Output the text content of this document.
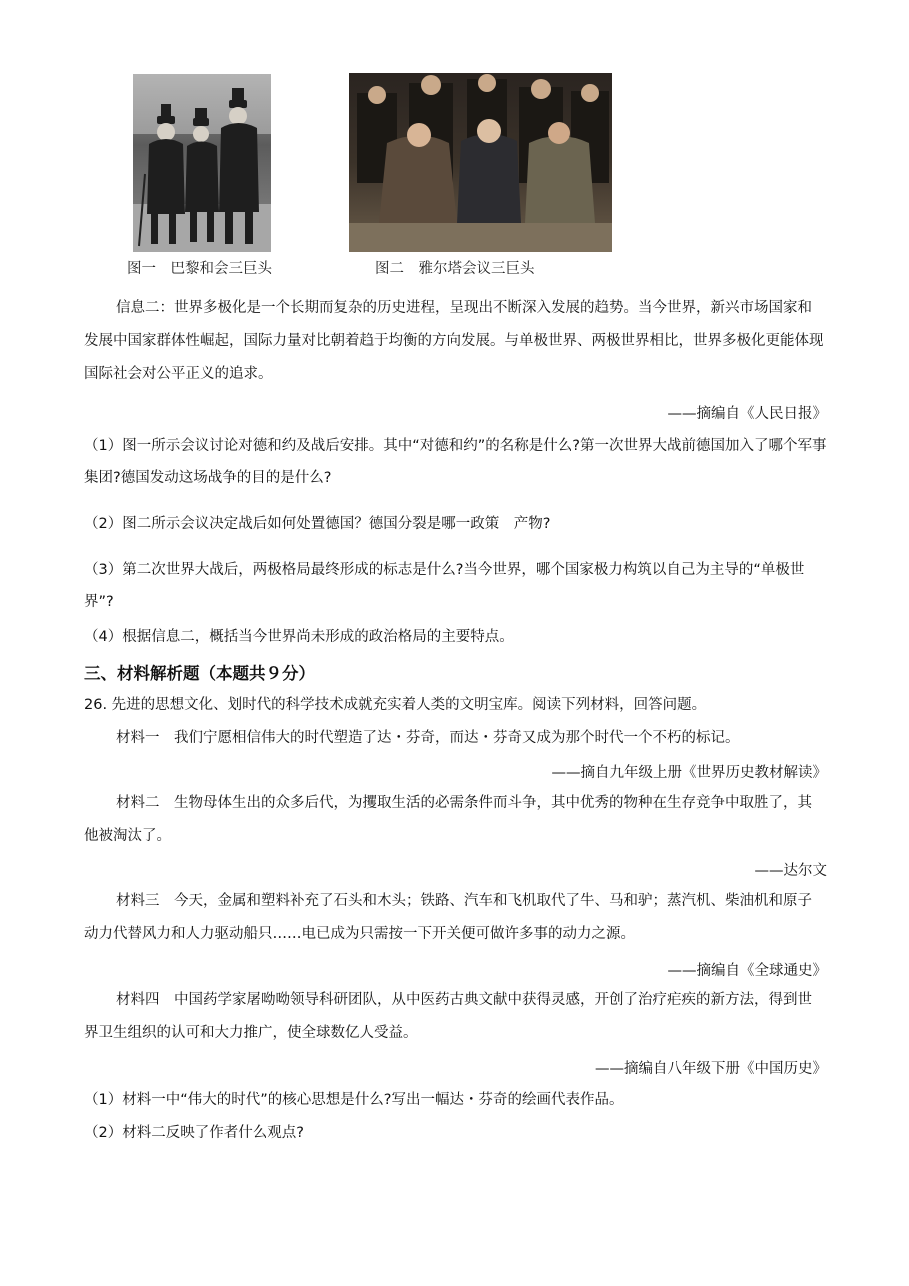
图一　巴黎和会三巨头	图二　雅尔塔会议三巨头
信息二：世界多极化是一个长期而复杂的历史进程，呈现出不断深入发展的趋势。当今世界，新兴市场国家和发展中国家群体性崛起，国际力量对比朝着趋于均衡的方向发展。与单极世界、两极世界相比，世界多极化更能体现国际社会对公平正义的追求。
——摘编自《人民日报》
（1）图一所示会议讨论对德和约及战后安排。其中“对德和约”的名称是什么?第一次世界大战前德国加入了哪个军事集团?德国发动这场战争的目的是什么?
（2）图二所示会议决定战后如何处置德国？德国分裂是哪一政策　产物?
（3）第二次世界大战后，两极格局最终形成的标志是什么?当今世界，哪个国家极力构筑以自己为主导的“单极世界”?
（4）根据信息二，概括当今世界尚未形成的政治格局的主要特点。
三、材料解析题（本题共９分）
26. 先进的思想文化、划时代的科学技术成就充实着人类的文明宝库。阅读下列材料，回答问题。
材料一　我们宁愿相信伟大的时代塑造了达・芬奇，而达・芬奇又成为那个时代一个不朽的标记。
——摘自九年级上册《世界历史教材解读》
材料二　生物母体生出的众多后代，为攫取生活的必需条件而斗争，其中优秀的物种在生存竞争中取胜了，其他被淘汰了。
——达尔文
材料三　今天，金属和塑料补充了石头和木头；铁路、汽车和飞机取代了牛、马和驴；蒸汽机、柴油机和原子动力代替风力和人力驱动船只……电已成为只需按一下开关便可做许多事的动力之源。
——摘编自《全球通史》
材料四　中国药学家屠呦呦领导科研团队，从中医药古典文献中获得灵感，开创了治疗疟疾的新方法，得到世界卫生组织的认可和大力推广，使全球数亿人受益。
——摘编自八年级下册《中国历史》
（1）材料一中“伟大的时代”的核心思想是什么?写出一幅达・芬奇的绘画代表作品。
（2）材料二反映了作者什么观点?
